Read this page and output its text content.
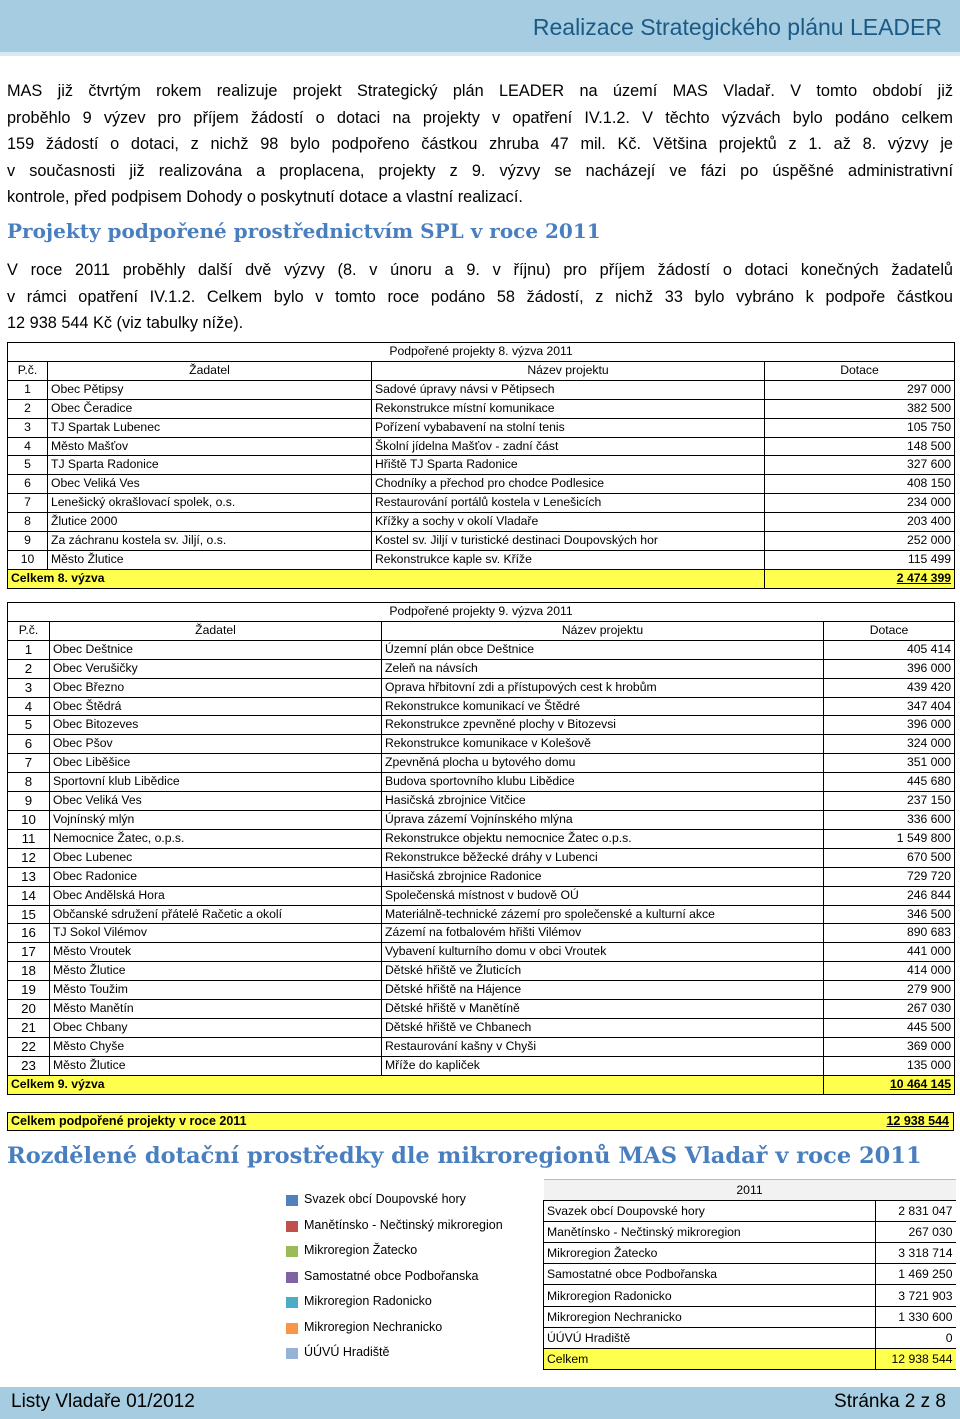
Realizace Strategického plánu LEADER
MAS již čtvrtým rokem realizuje projekt Strategický plán LEADER na území MAS Vladař. V tomto období již
proběhlo 9 výzev pro příjem žádostí o dotaci na projekty v opatření IV.1.2. V těchto výzvách bylo podáno celkem
159 žádostí o dotaci, z nichž 98 bylo podpořeno částkou zhruba 47 mil. Kč. Většina projektů z 1. až 8. výzvy je
v současnosti již realizována a proplacena, projekty z 9. výzvy se nacházejí ve fázi po úspěšné administrativní
kontrole, před podpisem Dohody o poskytnutí dotace a vlastní realizací.
Projekty podpořené prostřednictvím SPL v roce 2011
V roce 2011 proběhly další dvě výzvy (8. v únoru a 9. v říjnu) pro příjem žádostí o dotaci konečných žadatelů
v rámci opatření IV.1.2. Celkem bylo v tomto roce podáno 58 žádostí, z nichž 33 bylo vybráno k podpoře částkou
12 938 544 Kč (viz tabulky níže).
Podpořené projekty 8. výzva 2011			
P.č.	Žadatel	Název projektu	Dotace
1	Obec Pětipsy	Sadové úpravy návsi v Pětipsech	297 000
2	Obec Čeradice	Rekonstrukce místní komunikace	382 500
3	TJ Spartak Lubenec	Pořízení vybabavení na stolní tenis	105 750
4	Město Mašťov	Školní jídelna Mašťov - zadní část	148 500
5	TJ Sparta Radonice	Hřiště TJ Sparta Radonice	327 600
6	Obec Veliká Ves	Chodníky a přechod pro chodce Podlesice	408 150
7	Lenešický okrašlovací spolek, o.s.	Restaurování portálů kostela v Lenešicích	234 000
8	Žlutice 2000	Křížky a sochy v okolí Vladaře	203 400
9	Za záchranu kostela sv. Jiljí, o.s.	Kostel sv. Jiljí v turistické destinaci Doupovských hor	252 000
10	Město Žlutice	Rekonstrukce kaple sv. Kříže	115 499
Celkem 8. výzva			2 474 399
Podpořené projekty 9. výzva 2011			
P.č.	Žadatel	Název projektu	Dotace
1	Obec Deštnice	Územní plán obce Deštnice	405 414
2	Obec Verušičky	Zeleň na návsích	396 000
3	Obec Březno	Oprava hřbitovní zdi a přístupových cest k hrobům	439 420
4	Obec Štědrá	Rekonstrukce komunikací ve Štědré	347 404
5	Obec Bitozeves	Rekonstrukce zpevněné plochy v Bitozevsi	396 000
6	Obec Pšov	Rekonstrukce komunikace v Kolešově	324 000
7	Obec Liběšice	Zpevněná plocha u bytového domu	351 000
8	Sportovní klub Libědice	Budova sportovního klubu Libědice	445 680
9	Obec Veliká Ves	Hasičská zbrojnice Vitčice	237 150
10	Vojnínský mlýn	Úprava zázemí Vojnínského mlýna	336 600
11	Nemocnice Žatec, o.p.s.	Rekonstrukce objektu nemocnice Žatec o.p.s.	1 549 800
12	Obec Lubenec	Rekonstrukce běžecké dráhy v Lubenci	670 500
13	Obec Radonice	Hasičská zbrojnice Radonice	729 720
14	Obec Andělská Hora	Společenská místnost v budově OÚ	246 844
15	Občanské sdružení přátelé Račetic a okolí	Materiálně-technické zázemí pro společenské a kulturní akce	346 500
16	TJ Sokol Vilémov	Zázemí na fotbalovém hřišti Vilémov	890 683
17	Město Vroutek	Vybavení kulturního domu v obci Vroutek	441 000
18	Město Žlutice	Dětské hřiště ve Žluticích	414 000
19	Město Toužim	Dětské hřiště na Hájence	279 900
20	Město Manětín	Dětské hřiště v Manětíně	267 030
21	Obec Chbany	Dětské hřiště ve Chbanech	445 500
22	Město Chyše	Restaurování kašny v Chyši	369 000
23	Město Žlutice	Mříže do kapliček	135 000
Celkem 9. výzva			10 464 145
Celkem podpořené projekty v roce 2011	12 938 544
Rozdělené dotační prostředky dle mikroregionů MAS Vladař v roce 2011
Svazek obcí Doupovské hory
Manětínsko - Nečtinský mikroregion
Mikroregion Žatecko
Samostatné obce Podbořanska
Mikroregion Radonicko
Mikroregion Nechranicko
ÚÚVÚ Hradiště
2011	
Svazek obcí Doupovské hory	2 831 047
Manětínsko - Nečtinský mikroregion	267 030
Mikroregion Žatecko	3 318 714
Samostatné obce Podbořanska	1 469 250
Mikroregion Radonicko	3 721 903
Mikroregion Nechranicko	1 330 600
ÚÚVÚ Hradiště	0
Celkem	12 938 544
Listy Vladaře 01/2012	Stránka 2 z 8
